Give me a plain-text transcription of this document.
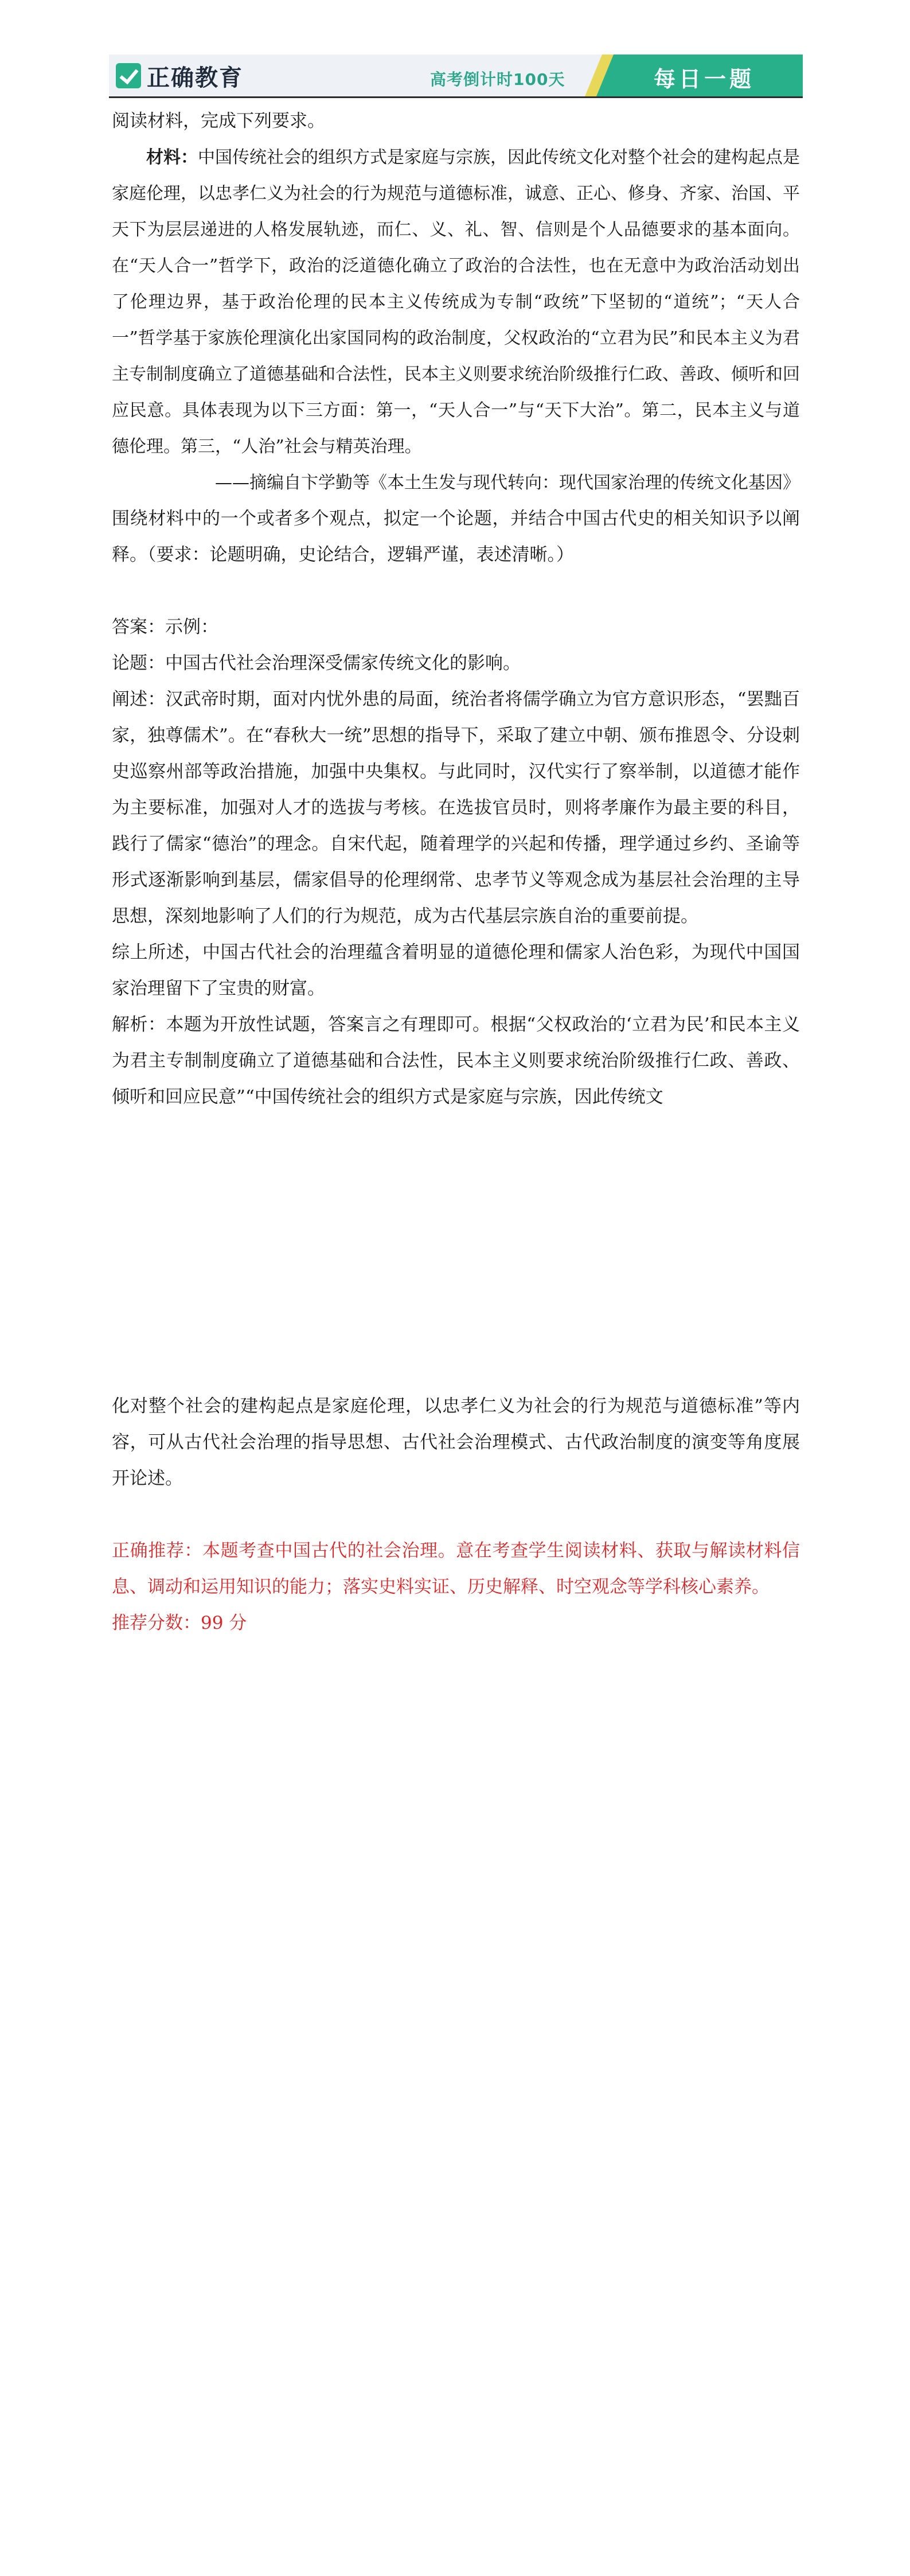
正确教育	高考倒计时100天	每日一题

阅读材料，完成下列要求。

材料：中国传统社会的组织方式是家庭与宗族，因此传统文化对整个社会的建构起点是家庭伦理，以忠孝仁义为社会的行为规范与道德标准，诚意、正心、修身、齐家、治国、平天下为层层递进的人格发展轨迹，而仁、义、礼、智、信则是个人品德要求的基本面向。在“天人合一”哲学下，政治的泛道德化确立了政治的合法性，也在无意中为政治活动划出了伦理边界，基于政治伦理的民本主义传统成为专制“政统”下坚韧的“道统”；“天人合一”哲学基于家族伦理演化出家国同构的政治制度，父权政治的“立君为民”和民本主义为君主专制制度确立了道德基础和合法性，民本主义则要求统治阶级推行仁政、善政、倾听和回应民意。具体表现为以下三方面：第一，“天人合一”与“天下大治”。第二，民本主义与道德伦理。第三，“人治”社会与精英治理。

——摘编自卞学勤等《本土生发与现代转向：现代国家治理的传统文化基因》

围绕材料中的一个或者多个观点，拟定一个论题，并结合中国古代史的相关知识予以阐释。（要求：论题明确，史论结合，逻辑严谨，表述清晰。）

答案：示例：

论题：中国古代社会治理深受儒家传统文化的影响。

阐述：汉武帝时期，面对内忧外患的局面，统治者将儒学确立为官方意识形态，“罢黜百家，独尊儒术”。在“春秋大一统”思想的指导下，采取了建立中朝、颁布推恩令、分设刺史巡察州部等政治措施，加强中央集权。与此同时，汉代实行了察举制，以道德才能作为主要标准，加强对人才的选拔与考核。在选拔官员时，则将孝廉作为最主要的科目，践行了儒家“德治”的理念。自宋代起，随着理学的兴起和传播，理学通过乡约、圣谕等形式逐渐影响到基层，儒家倡导的伦理纲常、忠孝节义等观念成为基层社会治理的主导思想，深刻地影响了人们的行为规范，成为古代基层宗族自治的重要前提。

综上所述，中国古代社会的治理蕴含着明显的道德伦理和儒家人治色彩，为现代中国国家治理留下了宝贵的财富。

解析：本题为开放性试题，答案言之有理即可。根据“父权政治的‘立君为民’和民本主义为君主专制制度确立了道德基础和合法性，民本主义则要求统治阶级推行仁政、善政、倾听和回应民意”“中国传统社会的组织方式是家庭与宗族，因此传统文

化对整个社会的建构起点是家庭伦理，以忠孝仁义为社会的行为规范与道德标准”等内容，可从古代社会治理的指导思想、古代社会治理模式、古代政治制度的演变等角度展开论述。

正确推荐：本题考查中国古代的社会治理。意在考查学生阅读材料、获取与解读材料信息、调动和运用知识的能力；落实史料实证、历史解释、时空观念等学科核心素养。

推荐分数：99 分
